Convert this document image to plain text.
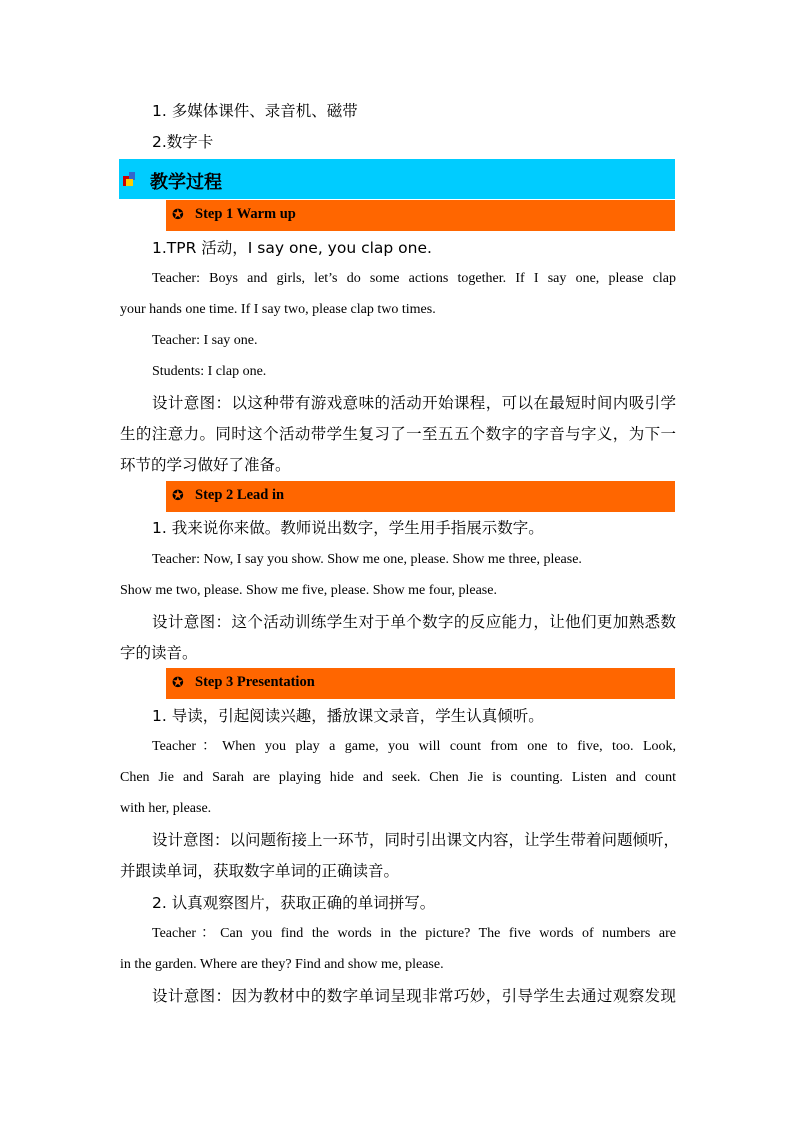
1. 多媒体课件、录音机、磁带
2.数字卡
教学过程
✪ Step 1 Warm up
1.TPR 活动，I say one, you clap one.
Teacher: Boys and girls, let’s do some actions together. If I say one, please clap
your hands one time. If I say two, please clap two times.
Teacher: I say one.
Students: I clap one.
设计意图：以这种带有游戏意味的活动开始课程，可以在最短时间内吸引学
生的注意力。同时这个活动带学生复习了一至五五个数字的字音与字义，为下一
环节的学习做好了准备。
✪ Step 2 Lead in
1. 我来说你来做。教师说出数字，学生用手指展示数字。
Teacher: Now, I say you show. Show me one, please. Show me three, please.
Show me two, please. Show me five, please. Show me four, please.
设计意图：这个活动训练学生对于单个数字的反应能力，让他们更加熟悉数
字的读音。
✪ Step 3 Presentation
1. 导读，引起阅读兴趣，播放课文录音，学生认真倾听。
Teacher：When you play a game, you will count from one to five, too. Look,
Chen Jie and Sarah are playing hide and seek. Chen Jie is counting. Listen and count
with her, please.
设计意图：以问题衔接上一环节，同时引出课文内容，让学生带着问题倾听，
并跟读单词，获取数字单词的正确读音。
2. 认真观察图片，获取正确的单词拼写。
Teacher：Can you find the words in the picture? The five words of numbers are
in the garden. Where are they? Find and show me, please.
设计意图：因为教材中的数字单词呈现非常巧妙，引导学生去通过观察发现
